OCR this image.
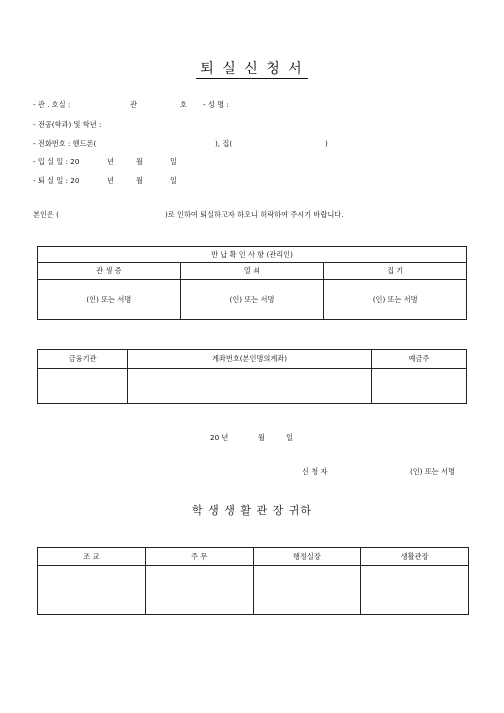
퇴 실 신 청 서
- 관 . 호실 :	관	호 - 성 명 :
- 전공(학과) 및 학년 :
- 전화번호 : 핸드폰(	), 집(	)
- 입 실 일 : 20	년	월	일
- 퇴 실 일 : 20	년	월	일
본인은 (	)로 인하여 퇴실하고자 하오니 허락하여 주시기 바랍니다.
반 납 확 인 사 항 (관리인)		
관 생 증	열 쇠	집 기
(인) 또는 서명	(인) 또는 서명	(인) 또는 서명
금융기관	계좌번호(본인명의계좌)	예금주

20 년	월	일
신 청 자	(인) 또는 서명
학 생 생 활 관 장 귀하
조 교	주 무	행정실장	생활관장
